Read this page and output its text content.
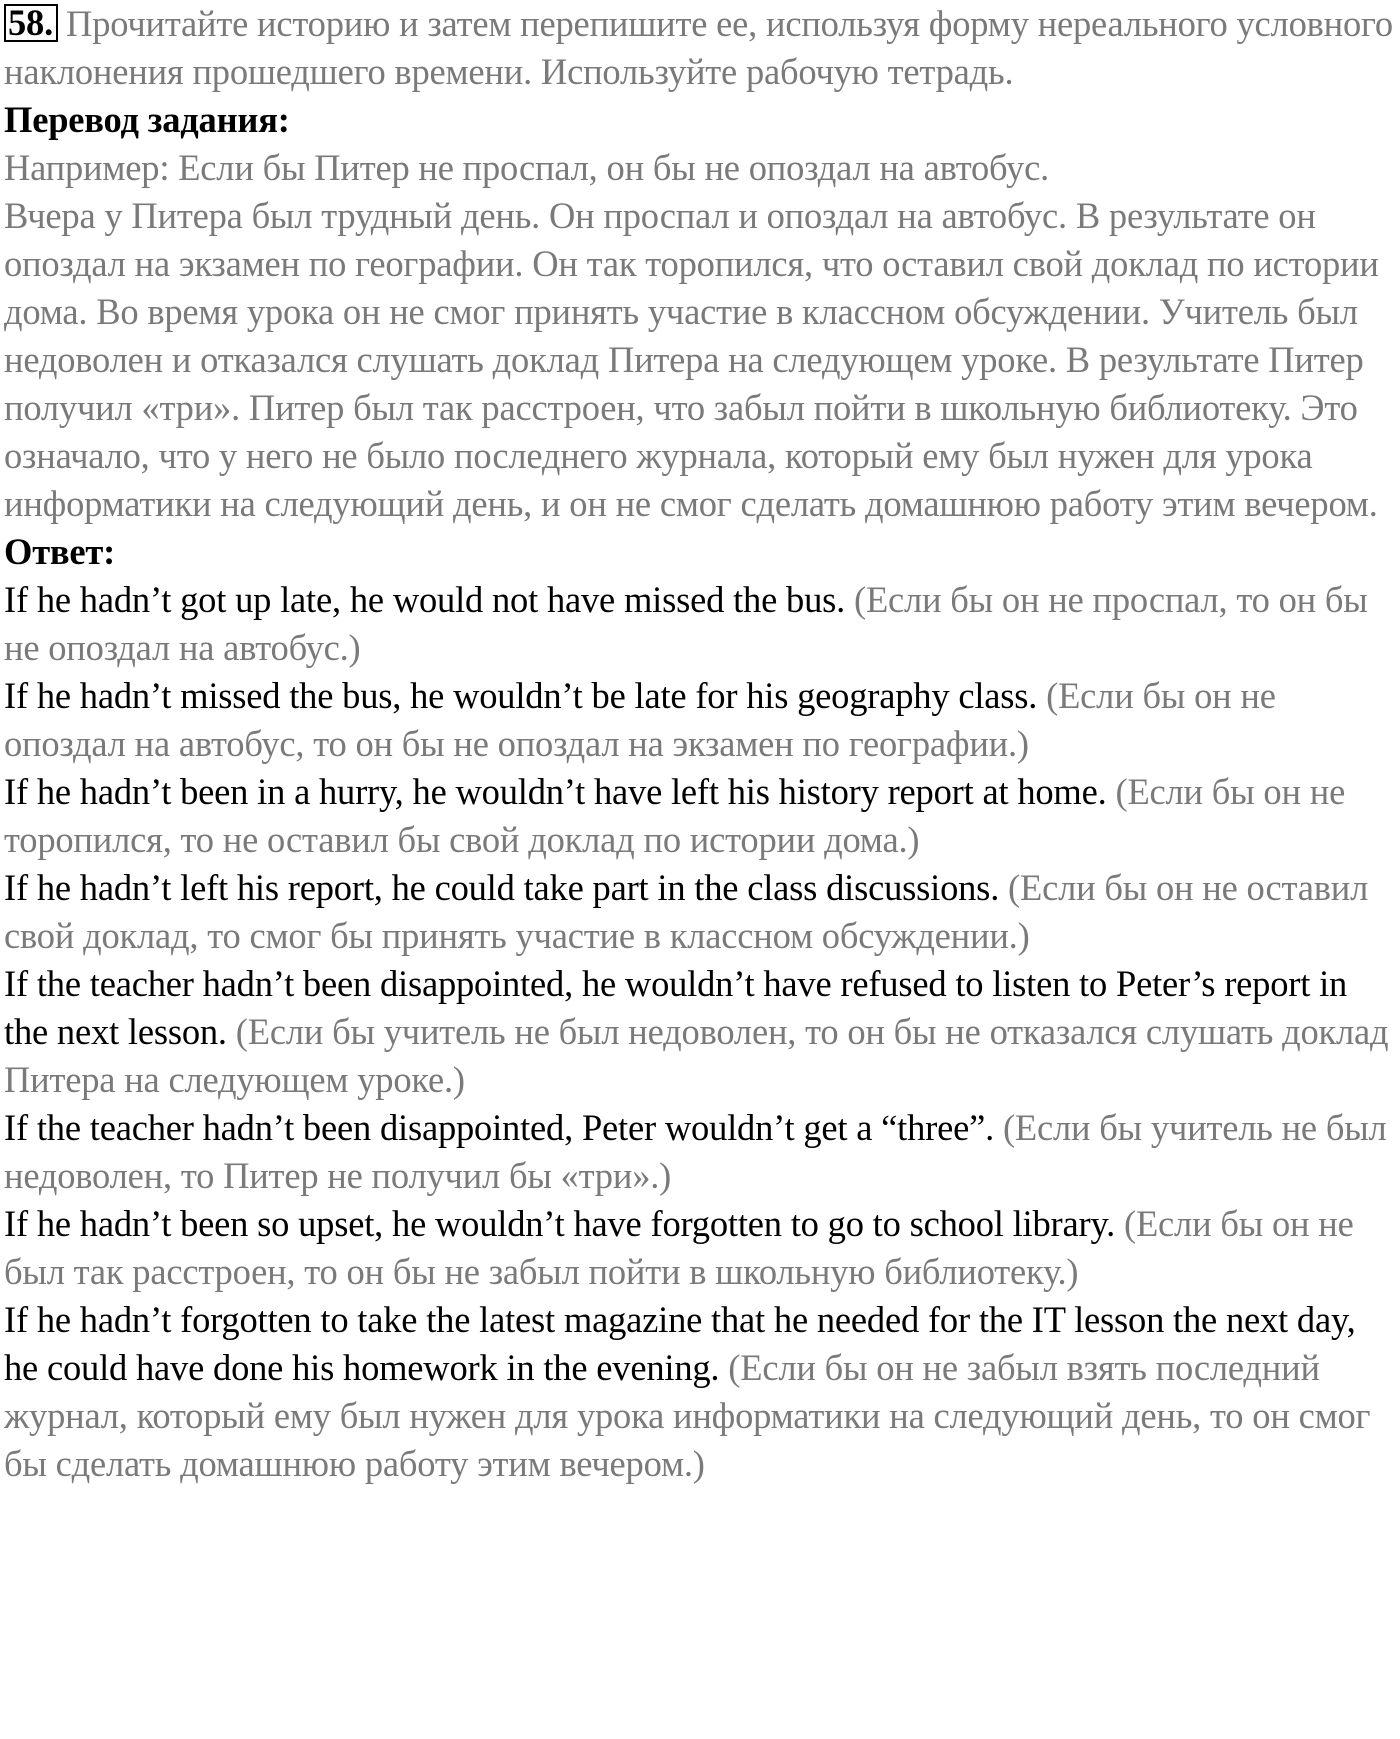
58. Прочитайте историю и затем перепишите ее, используя форму нереального условного наклонения прошедшего времени. Используйте рабочую тетрадь.

Перевод задания:

Например: Если бы Питер не проспал, он бы не опоздал на автобус.

Вчера у Питера был трудный день. Он проспал и опоздал на автобус. В результате он опоздал на экзамен по географии. Он так торопился, что оставил свой доклад по истории дома. Во время урока он не смог принять участие в классном обсуждении. Учитель был недоволен и отказался слушать доклад Питера на следующем уроке. В результате Питер получил «три». Питер был так расстроен, что забыл пойти в школьную библиотеку. Это означало, что у него не было последнего журнала, который ему был нужен для урока информатики на следующий день, и он не смог сделать домашнюю работу этим вечером.

Ответ:

If he hadn’t got up late, he would not have missed the bus. (Если бы он не проспал, то он бы не опоздал на автобус.)

If he hadn’t missed the bus, he wouldn’t be late for his geography class. (Если бы он не опоздал на автобус, то он бы не опоздал на экзамен по географии.)

If he hadn’t been in a hurry, he wouldn’t have left his history report at home. (Если бы он не торопился, то не оставил бы свой доклад по истории дома.)

If he hadn’t left his report, he could take part in the class discussions. (Если бы он не оставил свой доклад, то смог бы принять участие в классном обсуждении.)

If the teacher hadn’t been disappointed, he wouldn’t have refused to listen to Peter’s report in the next lesson. (Если бы учитель не был недоволен, то он бы не отказался слушать доклад Питера на следующем уроке.)

If the teacher hadn’t been disappointed, Peter wouldn’t get a “three”. (Если бы учитель не был недоволен, то Питер не получил бы «три».)

If he hadn’t been so upset, he wouldn’t have forgotten to go to school library. (Если бы он не был так расстроен, то он бы не забыл пойти в школьную библиотеку.)

If he hadn’t forgotten to take the latest magazine that he needed for the IT lesson the next day, he could have done his homework in the evening. (Если бы он не забыл взять последний журнал, который ему был нужен для урока информатики на следующий день, то он смог бы сделать домашнюю работу этим вечером.)
